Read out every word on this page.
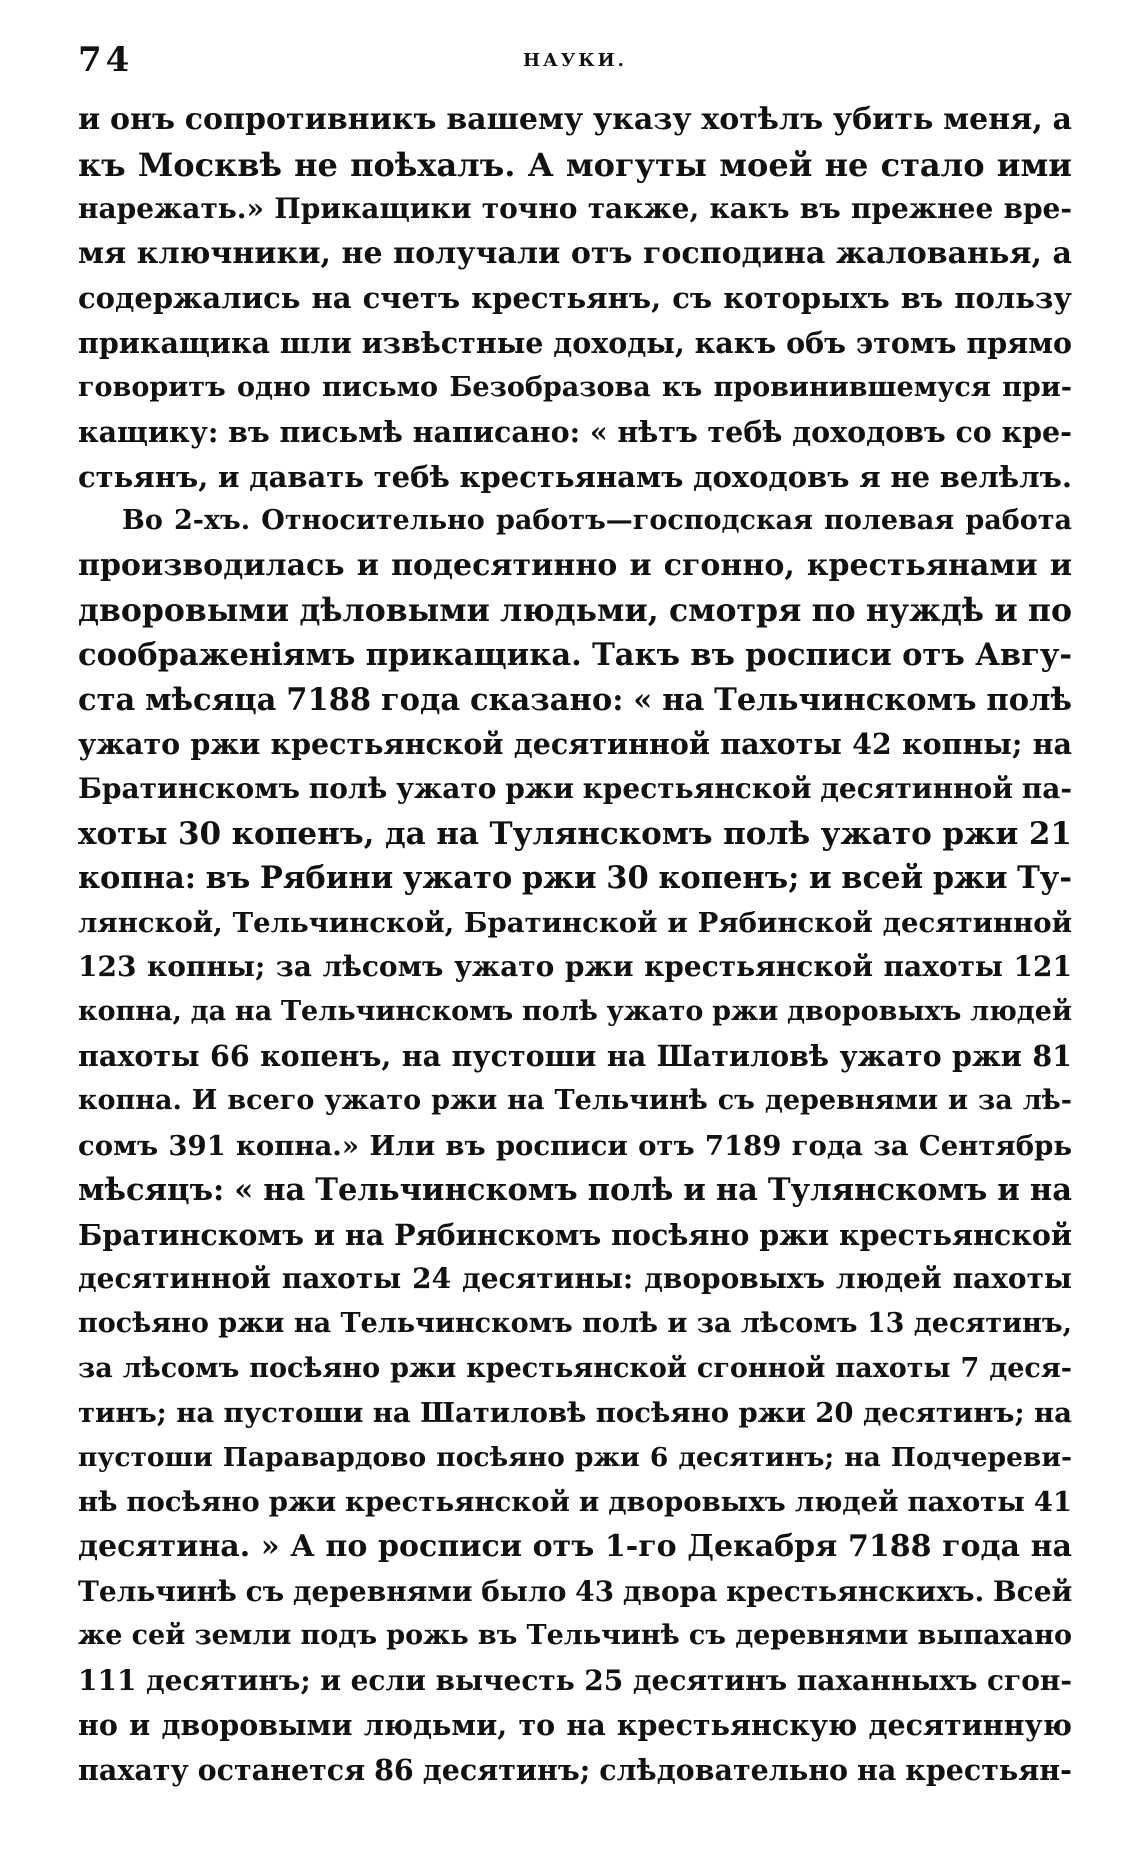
74	НАУКИ.
и онъ сопротивникъ вашему указу хотѣлъ убить меня, а
къ Москвѣ не поѣхалъ. А могуты моей не стало ими
нарежать.» Прикащики точно также, какъ въ прежнее вре-
мя ключники, не получали отъ господина жалованья, а
содержались на счетъ крестьянъ, съ которыхъ въ пользу
прикащика шли извѣстные доходы, какъ объ этомъ прямо
говоритъ одно письмо Безобразова къ провинившемуся при-
кащику: въ письмѣ написано: « нѣтъ тебѣ доходовъ со кре-
стьянъ, и давать тебѣ крестьянамъ доходовъ я не велѣлъ.
Во 2-хъ. Относительно работъ—господская полевая работа
производилась и подесятинно и сгонно, крестьянами и
дворовыми дѣловыми людьми, смотря по нуждѣ и по
соображеніямъ прикащика. Такъ въ росписи отъ Авгу-
ста мѣсяца 7188 года сказано: « на Тельчинскомъ полѣ
ужато ржи крестьянской десятинной пахоты 42 копны; на
Братинскомъ полѣ ужато ржи крестьянской десятинной па-
хоты 30 копенъ, да на Тулянскомъ полѣ ужато ржи 21
копна: въ Рябини ужато ржи 30 копенъ; и всей ржи Ту-
лянской, Тельчинской, Братинской и Рябинской десятинной
123 копны; за лѣсомъ ужато ржи крестьянской пахоты 121
копна, да на Тельчинскомъ полѣ ужато ржи дворовыхъ людей
пахоты 66 копенъ, на пустоши на Шатиловѣ ужато ржи 81
копна. И всего ужато ржи на Тельчинѣ съ деревнями и за лѣ-
сомъ 391 копна.» Или въ росписи отъ 7189 года за Сентябрь
мѣсяцъ: « на Тельчинскомъ полѣ и на Тулянскомъ и на
Братинскомъ и на Рябинскомъ посѣяно ржи крестьянской
десятинной пахоты 24 десятины: дворовыхъ людей пахоты
посѣяно ржи на Тельчинскомъ полѣ и за лѣсомъ 13 десятинъ,
за лѣсомъ посѣяно ржи крестьянской сгонной пахоты 7 деся-
тинъ; на пустоши на Шатиловѣ посѣяно ржи 20 десятинъ; на
пустоши Паравардово посѣяно ржи 6 десятинъ; на Подчереви-
нѣ посѣяно ржи крестьянской и дворовыхъ людей пахоты 41
десятина. » А по росписи отъ 1-го Декабря 7188 года на
Тельчинѣ съ деревнями было 43 двора крестьянскихъ. Всей
же сей земли подъ рожь въ Тельчинѣ съ деревнями выпахано
111 десятинъ; и если вычесть 25 десятинъ паханныхъ сгон-
но и дворовыми людьми, то на крестьянскую десятинную
пахату останется 86 десятинъ; слѣдовательно на крестьян-
